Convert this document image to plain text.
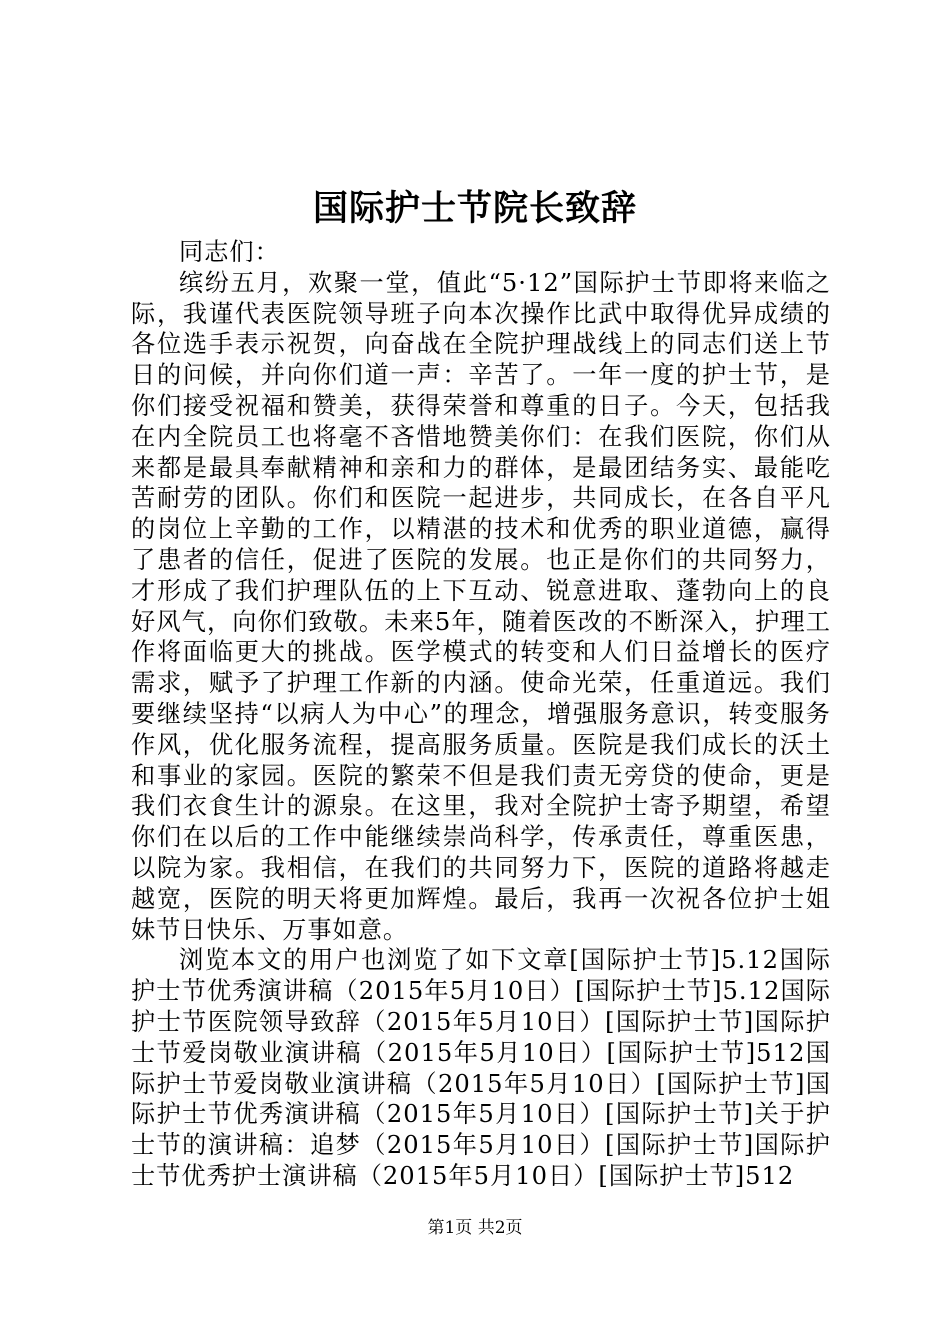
国际护士节院长致辞

同志们：

缤纷五月，欢聚一堂，值此“5·12”国际护士节即将来临之际，我谨代表医院领导班子向本次操作比武中取得优异成绩的各位选手表示祝贺，向奋战在全院护理战线上的同志们送上节日的问候，并向你们道一声：辛苦了。一年一度的护士节，是你们接受祝福和赞美，获得荣誉和尊重的日子。今天，包括我在内全院员工也将毫不吝惜地赞美你们：在我们医院，你们从来都是最具奉献精神和亲和力的群体，是最团结务实、最能吃苦耐劳的团队。你们和医院一起进步，共同成长，在各自平凡的岗位上辛勤的工作，以精湛的技术和优秀的职业道德，赢得了患者的信任，促进了医院的发展。也正是你们的共同努力，才形成了我们护理队伍的上下互动、锐意进取、蓬勃向上的良好风气，向你们致敬。未来5年，随着医改的不断深入，护理工作将面临更大的挑战。医学模式的转变和人们日益增长的医疗需求，赋予了护理工作新的内涵。使命光荣，任重道远。我们要继续坚持“以病人为中心”的理念，增强服务意识，转变服务作风，优化服务流程，提高服务质量。医院是我们成长的沃土和事业的家园。医院的繁荣不但是我们责无旁贷的使命，更是我们衣食生计的源泉。在这里，我对全院护士寄予期望，希望你们在以后的工作中能继续崇尚科学，传承责任，尊重医患，以院为家。我相信，在我们的共同努力下，医院的道路将越走越宽，医院的明天将更加辉煌。最后，我再一次祝各位护士姐妹节日快乐、万事如意。

浏览本文的用户也浏览了如下文章[国际护士节]5.12国际护士节优秀演讲稿（2015年5月10日）[国际护士节]5.12国际护士节医院领导致辞（2015年5月10日）[国际护士节]国际护士节爱岗敬业演讲稿（2015年5月10日）[国际护士节]512国际护士节爱岗敬业演讲稿（2015年5月10日）[国际护士节]国际护士节优秀演讲稿（2015年5月10日）[国际护士节]关于护士节的演讲稿：追梦（2015年5月10日）[国际护士节]国际护士节优秀护士演讲稿（2015年5月10日）[国际护士节]512

第1页 共2页
